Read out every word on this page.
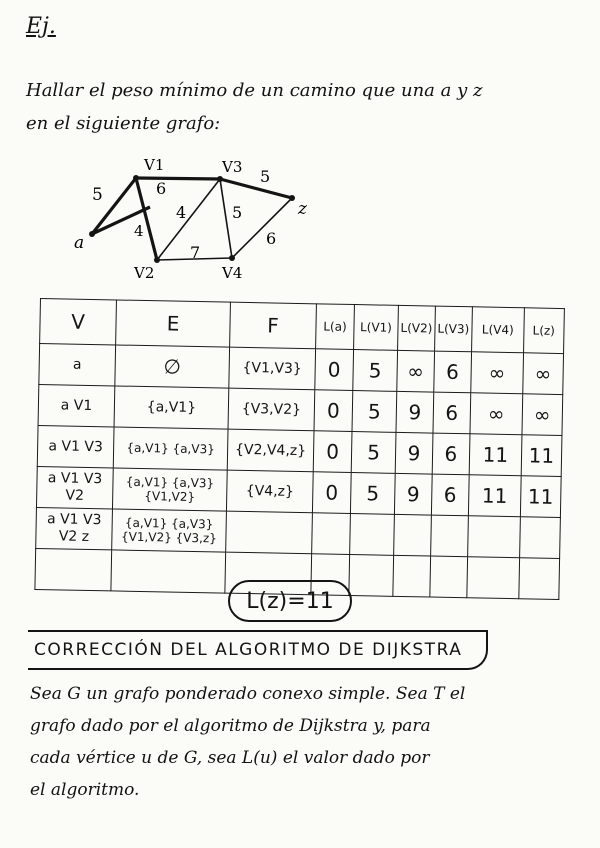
Ej.
Hallar el peso mínimo de un camino que una a y z
en el siguiente grafo:
a
V1	V3
z
V2	V4
5
4
6
4	5
5
7
6
V	E	F	L(a)	L(V1)	L(V2)	L(V3)	L(V4)	L(z)
a	∅	{V1,V3}	0	5	∞	6	∞	∞
a V1	{a,V1}	{V3,V2}	0	5	9	6	∞	∞
a V1 V3	{a,V1} {a,V3}	{V2,V4,z}	0	5	9	6	11	11
a V1 V3 V2	{a,V1} {a,V3} {V1,V2}	{V4,z}	0	5	9	6	11	11
a V1 V3 V2 z	{a,V1} {a,V3} {V1,V2} {V3,z}							

L(z)=11
CORRECCIÓN DEL ALGORITMO DE DIJKSTRA
Sea G un grafo ponderado conexo simple. Sea T el
grafo dado por el algoritmo de Dijkstra y, para
cada vértice u de G, sea L(u) el valor dado por
el algoritmo.
